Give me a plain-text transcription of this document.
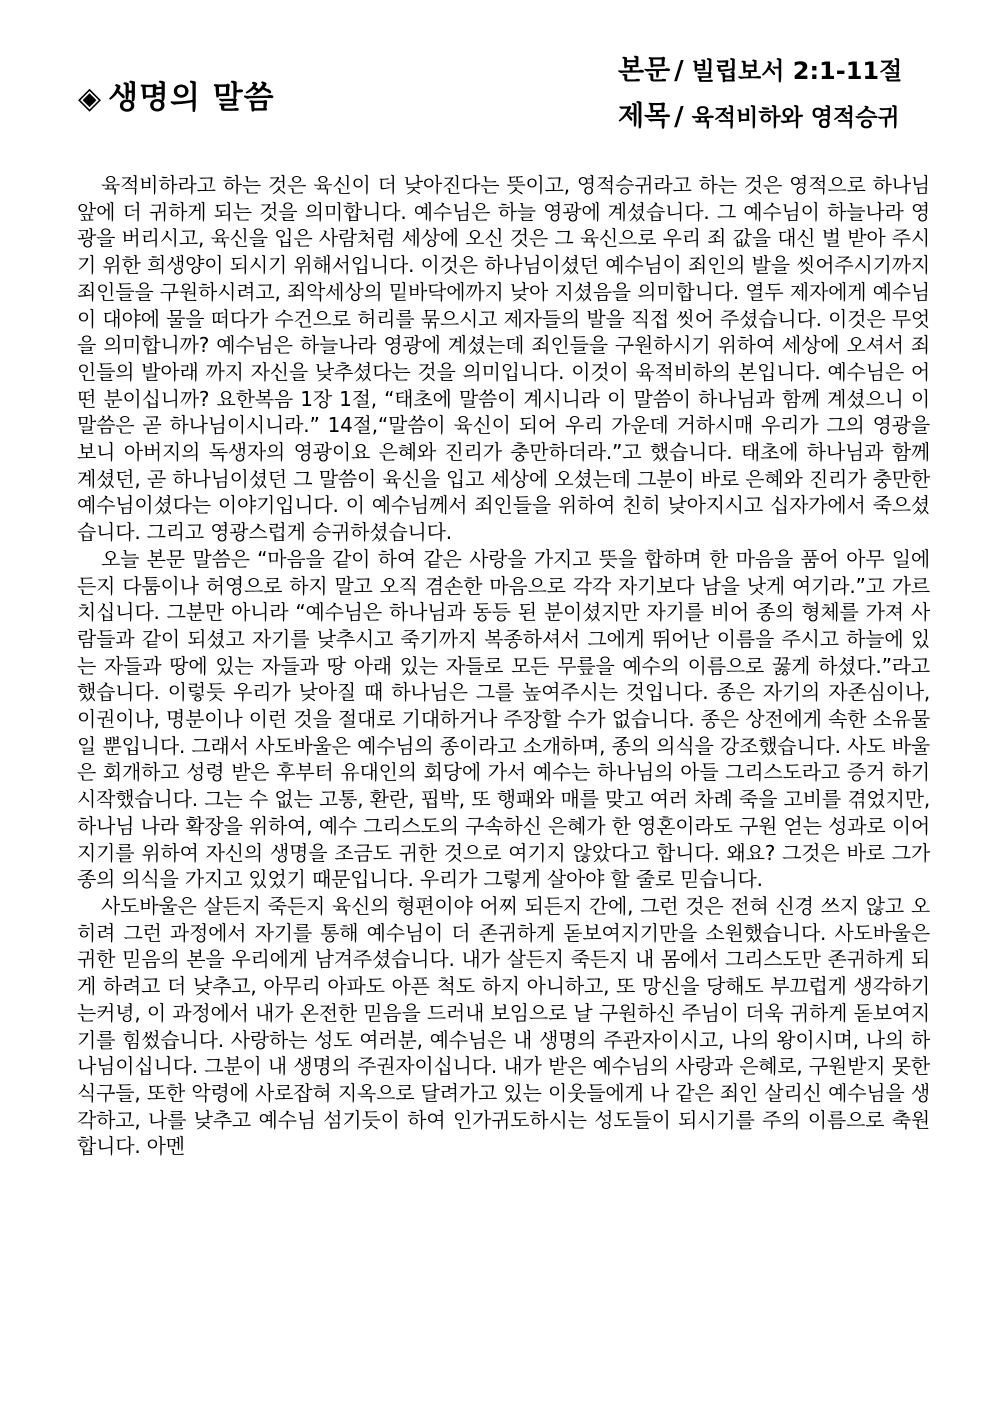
◈ 생명의 말씀
본문 / 빌립보서 2:1-11절
제목 / 육적비하와 영적승귀

육적비하라고 하는 것은 육신이 더 낮아진다는 뜻이고, 영적승귀라고 하는 것은 영적으로 하나님 앞에 더 귀하게 되는 것을 의미합니다. 예수님은 하늘 영광에 계셨습니다. 그 예수님이 하늘나라 영광을 버리시고, 육신을 입은 사람처럼 세상에 오신 것은 그 육신으로 우리 죄 값을 대신 벌 받아 주시기 위한 희생양이 되시기 위해서입니다. 이것은 하나님이셨던 예수님이 죄인의 발을 씻어주시기까지 죄인들을 구원하시려고, 죄악세상의 밑바닥에까지 낮아 지셨음을 의미합니다. 열두 제자에게 예수님이 대야에 물을 떠다가 수건으로 허리를 묶으시고 제자들의 발을 직접 씻어 주셨습니다. 이것은 무엇을 의미합니까? 예수님은 하늘나라 영광에 계셨는데 죄인들을 구원하시기 위하여 세상에 오셔서 죄인들의 발아래 까지 자신을 낮추셨다는 것을 의미입니다. 이것이 육적비하의 본입니다. 예수님은 어떤 분이십니까? 요한복음 1장 1절, “태초에 말씀이 계시니라 이 말씀이 하나님과 함께 계셨으니 이 말씀은 곧 하나님이시니라.” 14절,“말씀이 육신이 되어 우리 가운데 거하시매 우리가 그의 영광을 보니 아버지의 독생자의 영광이요 은혜와 진리가 충만하더라.”고 했습니다. 태초에 하나님과 함께 계셨던, 곧 하나님이셨던 그 말씀이 육신을 입고 세상에 오셨는데 그분이 바로 은혜와 진리가 충만한 예수님이셨다는 이야기입니다. 이 예수님께서 죄인들을 위하여 친히 낮아지시고 십자가에서 죽으셨습니다. 그리고 영광스럽게 승귀하셨습니다.

오늘 본문 말씀은 “마음을 같이 하여 같은 사랑을 가지고 뜻을 합하며 한 마음을 품어 아무 일에든지 다툼이나 허영으로 하지 말고 오직 겸손한 마음으로 각각 자기보다 남을 낫게 여기라.”고 가르치십니다. 그분만 아니라 “예수님은 하나님과 동등 된 분이셨지만 자기를 비어 종의 형체를 가져 사람들과 같이 되셨고 자기를 낮추시고 죽기까지 복종하셔서 그에게 뛰어난 이름을 주시고 하늘에 있는 자들과 땅에 있는 자들과 땅 아래 있는 자들로 모든 무릎을 예수의 이름으로 꿇게 하셨다.”라고 했습니다. 이렇듯 우리가 낮아질 때 하나님은 그를 높여주시는 것입니다. 종은 자기의 자존심이나, 이권이나, 명분이나 이런 것을 절대로 기대하거나 주장할 수가 없습니다. 종은 상전에게 속한 소유물일 뿐입니다. 그래서 사도바울은 예수님의 종이라고 소개하며, 종의 의식을 강조했습니다. 사도 바울은 회개하고 성령 받은 후부터 유대인의 회당에 가서 예수는 하나님의 아들 그리스도라고 증거 하기 시작했습니다. 그는 수 없는 고통, 환란, 핍박, 또 행패와 매를 맞고 여러 차례 죽을 고비를 겪었지만, 하나님 나라 확장을 위하여, 예수 그리스도의 구속하신 은혜가 한 영혼이라도 구원 얻는 성과로 이어지기를 위하여 자신의 생명을 조금도 귀한 것으로 여기지 않았다고 합니다. 왜요? 그것은 바로 그가 종의 의식을 가지고 있었기 때문입니다. 우리가 그렇게 살아야 할 줄로 믿습니다.

사도바울은 살든지 죽든지 육신의 형편이야 어찌 되든지 간에, 그런 것은 전혀 신경 쓰지 않고 오히려 그런 과정에서 자기를 통해 예수님이 더 존귀하게 돋보여지기만을 소원했습니다. 사도바울은 귀한 믿음의 본을 우리에게 남겨주셨습니다. 내가 살든지 죽든지 내 몸에서 그리스도만 존귀하게 되게 하려고 더 낮추고, 아무리 아파도 아픈 척도 하지 아니하고, 또 망신을 당해도 부끄럽게 생각하기는커녕, 이 과정에서 내가 온전한 믿음을 드러내 보임으로 날 구원하신 주님이 더욱 귀하게 돋보여지기를 힘썼습니다. 사랑하는 성도 여러분, 예수님은 내 생명의 주관자이시고, 나의 왕이시며, 나의 하나님이십니다. 그분이 내 생명의 주권자이십니다. 내가 받은 예수님의 사랑과 은혜로, 구원받지 못한 식구들, 또한 악령에 사로잡혀 지옥으로 달려가고 있는 이웃들에게 나 같은 죄인 살리신 예수님을 생각하고, 나를 낮추고 예수님 섬기듯이 하여 인가귀도하시는 성도들이 되시기를 주의 이름으로 축원합니다. 아멘
